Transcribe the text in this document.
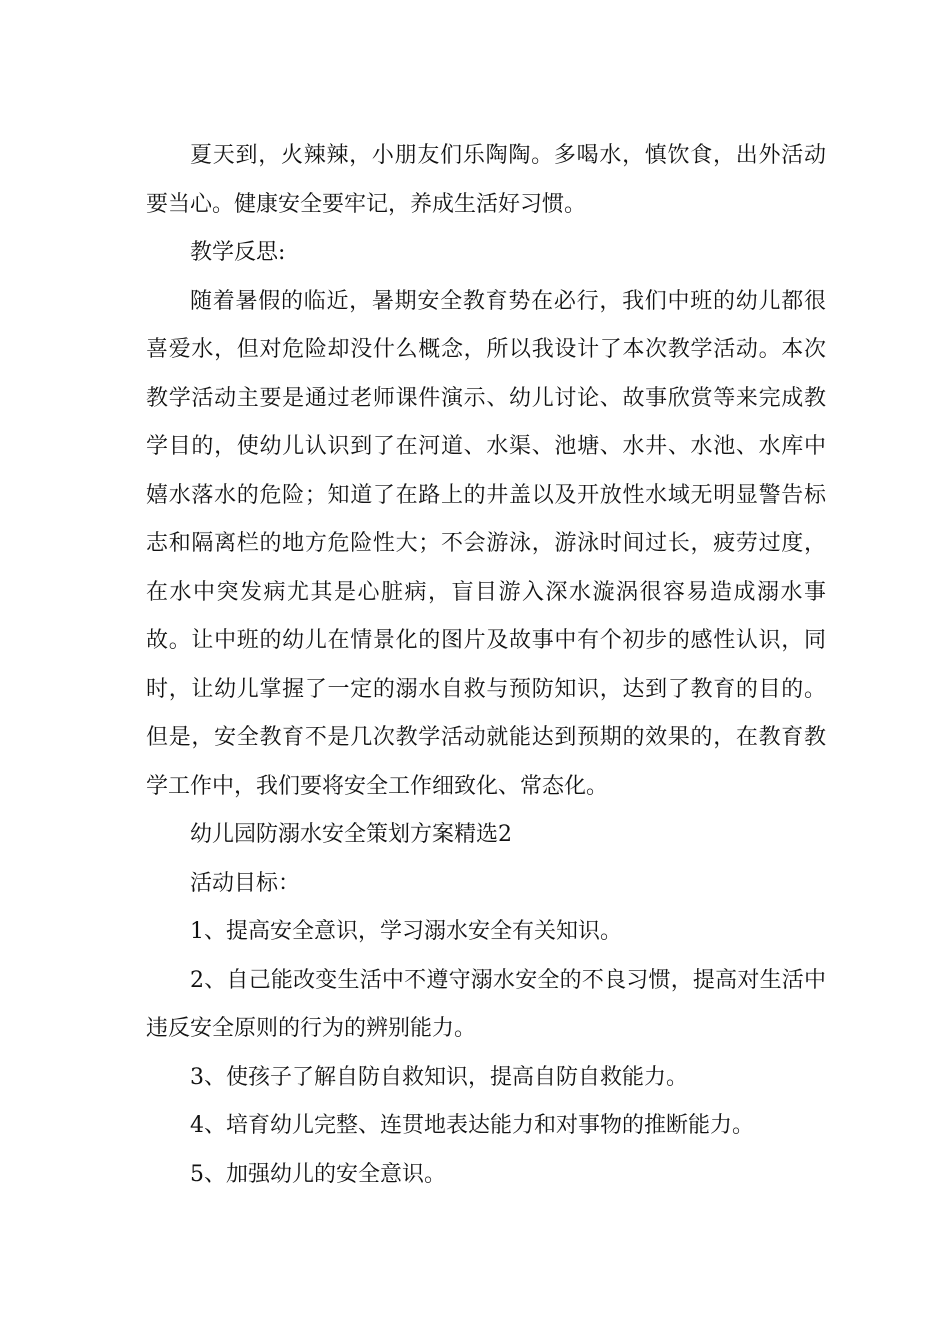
夏天到，火辣辣，小朋友们乐陶陶。多喝水，慎饮食，出外活动要当心。健康安全要牢记，养成生活好习惯。

教学反思:

随着暑假的临近，暑期安全教育势在必行，我们中班的幼儿都很喜爱水，但对危险却没什么概念，所以我设计了本次教学活动。本次教学活动主要是通过老师课件演示、幼儿讨论、故事欣赏等来完成教学目的，使幼儿认识到了在河道、水渠、池塘、水井、水池、水库中嬉水落水的危险；知道了在路上的井盖以及开放性水域无明显警告标志和隔离栏的地方危险性大；不会游泳，游泳时间过长，疲劳过度，在水中突发病尤其是心脏病，盲目游入深水漩涡很容易造成溺水事故。让中班的幼儿在情景化的图片及故事中有个初步的感性认识，同时，让幼儿掌握了一定的溺水自救与预防知识，达到了教育的目的。但是，安全教育不是几次教学活动就能达到预期的效果的，在教育教学工作中，我们要将安全工作细致化、常态化。

幼儿园防溺水安全策划方案精选2

活动目标：

1、提高安全意识，学习溺水安全有关知识。

2、自己能改变生活中不遵守溺水安全的不良习惯，提高对生活中违反安全原则的行为的辨别能力。

3、使孩子了解自防自救知识，提高自防自救能力。

4、培育幼儿完整、连贯地表达能力和对事物的推断能力。

5、加强幼儿的安全意识。
